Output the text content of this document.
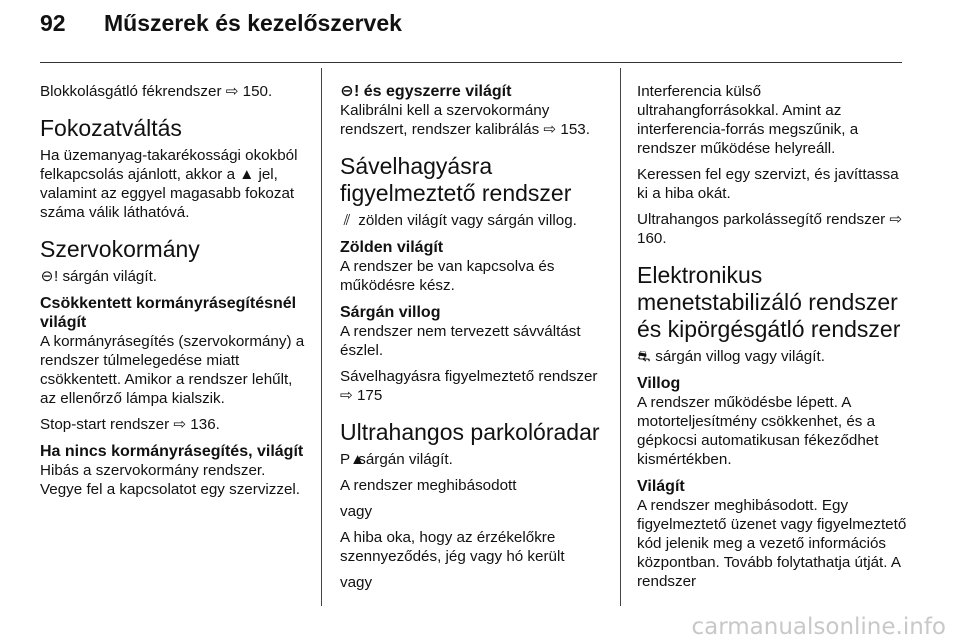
92 Műszerek és kezelőszervek

Blokkolásgátló fékrendszer ⇨ 150.

Fokozatváltás

Ha üzemanyag-takarékossági okokból felkapcsolás ajánlott, akkor a ▲ jel, valamint az eggyel magasabb fokozat száma válik láthatóvá.

Szervokormány

⊖! sárgán világít.

Csökkentett kormányrásegítésnél világít

A kormányrásegítés (szervokormány) a rendszer túlmelegedése miatt csökkentett. Amikor a rendszer lehűlt, az ellenőrző lámpa kialszik.

Stop-start rendszer ⇨ 136.

Ha nincs kormányrásegítés, világít

Hibás a szervokormány rendszer. Vegye fel a kapcsolatot egy szervizzel.

⊖! és egyszerre világít

Kalibrálni kell a szervokormány rendszert, rendszer kalibrálás ⇨ 153.

Sávelhagyásra figyelmeztető rendszer

⫽ zölden világít vagy sárgán villog.

Zölden világít

A rendszer be van kapcsolva és működésre kész.

Sárgán villog

A rendszer nem tervezett sávváltást észlel.

Sávelhagyásra figyelmeztető rendszer ⇨ 175

Ultrahangos parkolóradar

P▲ sárgán világít.

A rendszer meghibásodott

vagy

A hiba oka, hogy az érzékelőkre szennyeződés, jég vagy hó került

vagy

Interferencia külső ultrahangforrásokkal. Amint az interferencia-forrás megszűnik, a rendszer működése helyreáll.

Keressen fel egy szervizt, és javíttassa ki a hiba okát.

Ultrahangos parkolássegítő rendszer ⇨ 160.

Elektronikus menetstabilizáló rendszer és kipörgésgátló rendszer

⛐ sárgán villog vagy világít.

Villog

A rendszer működésbe lépett. A motorteljesítmény csökkenhet, és a gépkocsi automatikusan fékeződhet kismértékben.

Világít

A rendszer meghibásodott. Egy figyelmeztető üzenet vagy figyelmeztető kód jelenik meg a vezető információs központban. Tovább folytathatja útját. A rendszer

carmanualsonline.info
